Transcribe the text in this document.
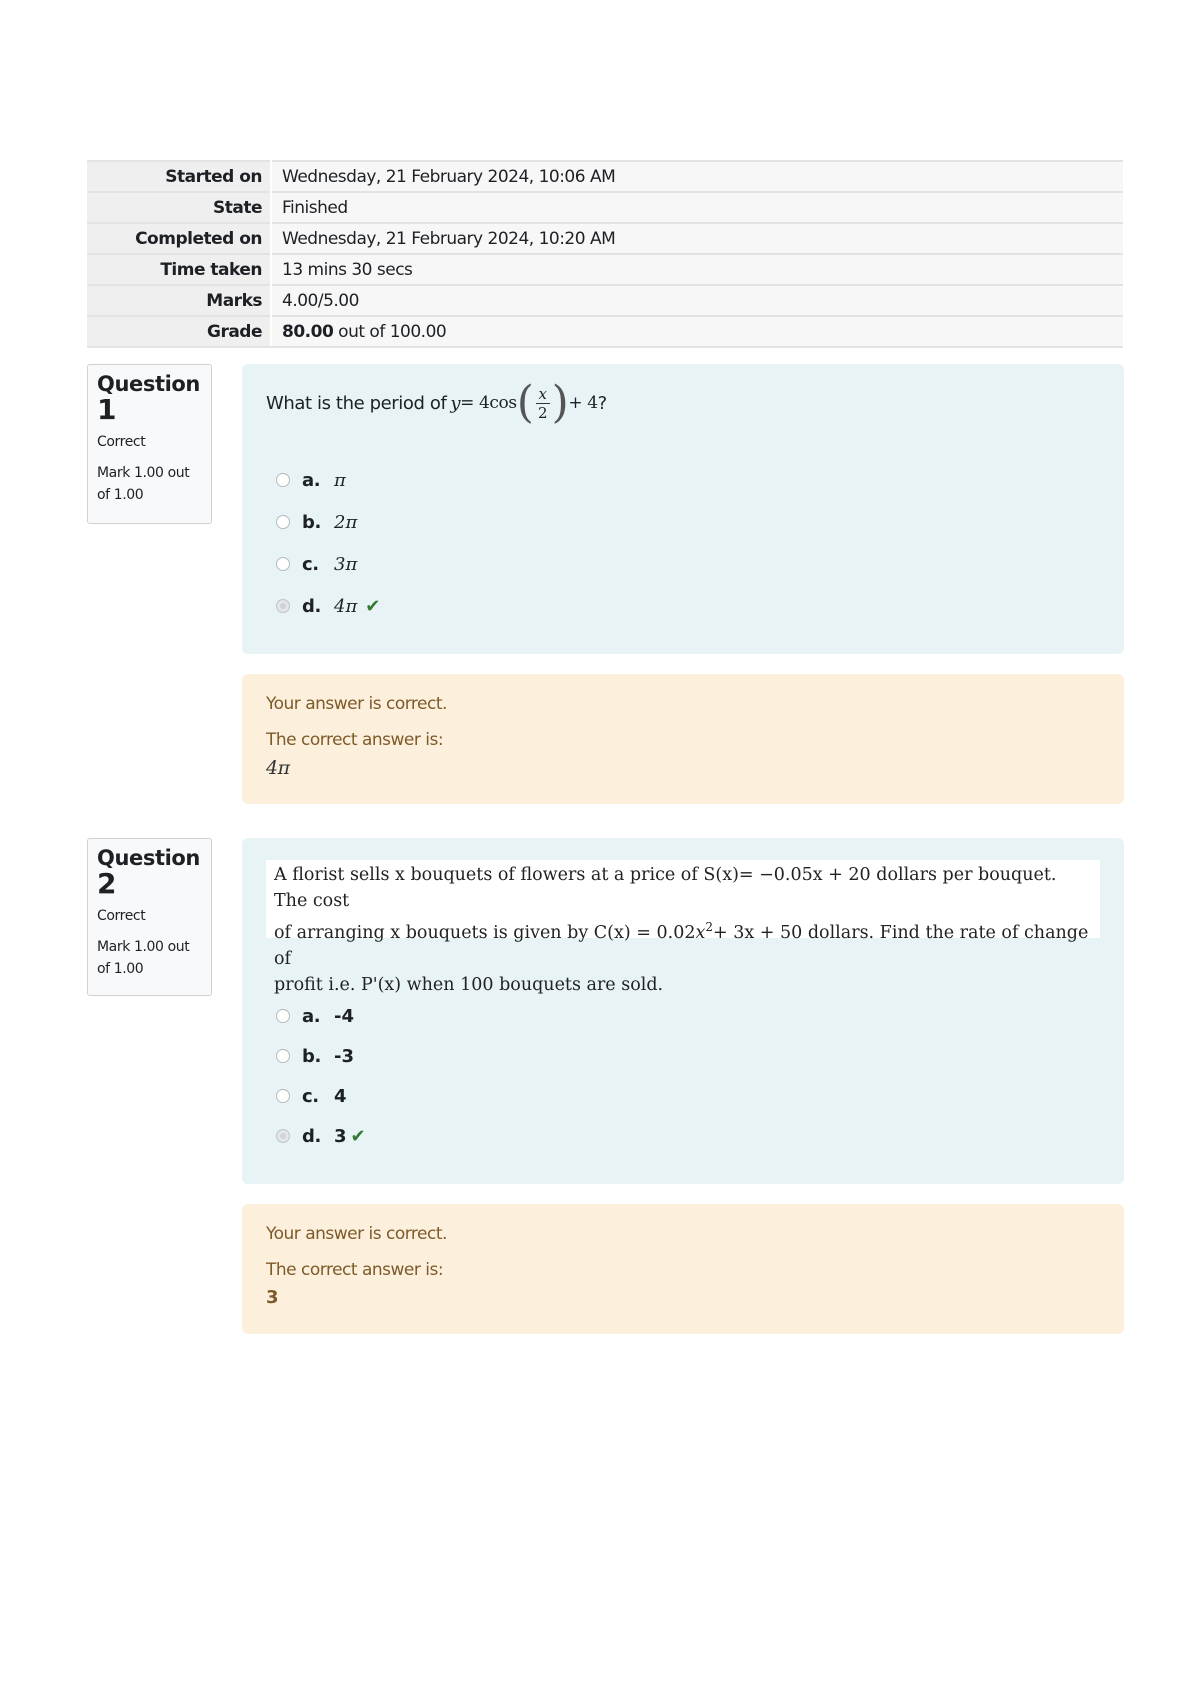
Started on	Wednesday, 21 February 2024, 10:06 AM
State	Finished
Completed on	Wednesday, 21 February 2024, 10:20 AM
Time taken	13 mins 30 secs
Marks	4.00/5.00
Grade	80.00 out of 100.00
Question
1
Correct
Mark 1.00 out of 1.00
What is the period of y = 4cos ( $\frac{x}{2}$ ) + 4 ?
a. π
b. 2π
c. 3π
d. 4π ✔
Your answer is correct.
The correct answer is:
4π
Question
2
Correct
Mark 1.00 out of 1.00
A florist sells x bouquets of flowers at a price of S(x)= −0.05x + 20 dollars per bouquet. The cost
of arranging x bouquets is given by $C(x) = 0.02x^2+ 3x + 50$ dollars. Find the rate of change of
profit i.e. P'(x) when 100 bouquets are sold.
a. -4
b. -3
c. 4
d. 3 ✔
Your answer is correct.
The correct answer is:
3
